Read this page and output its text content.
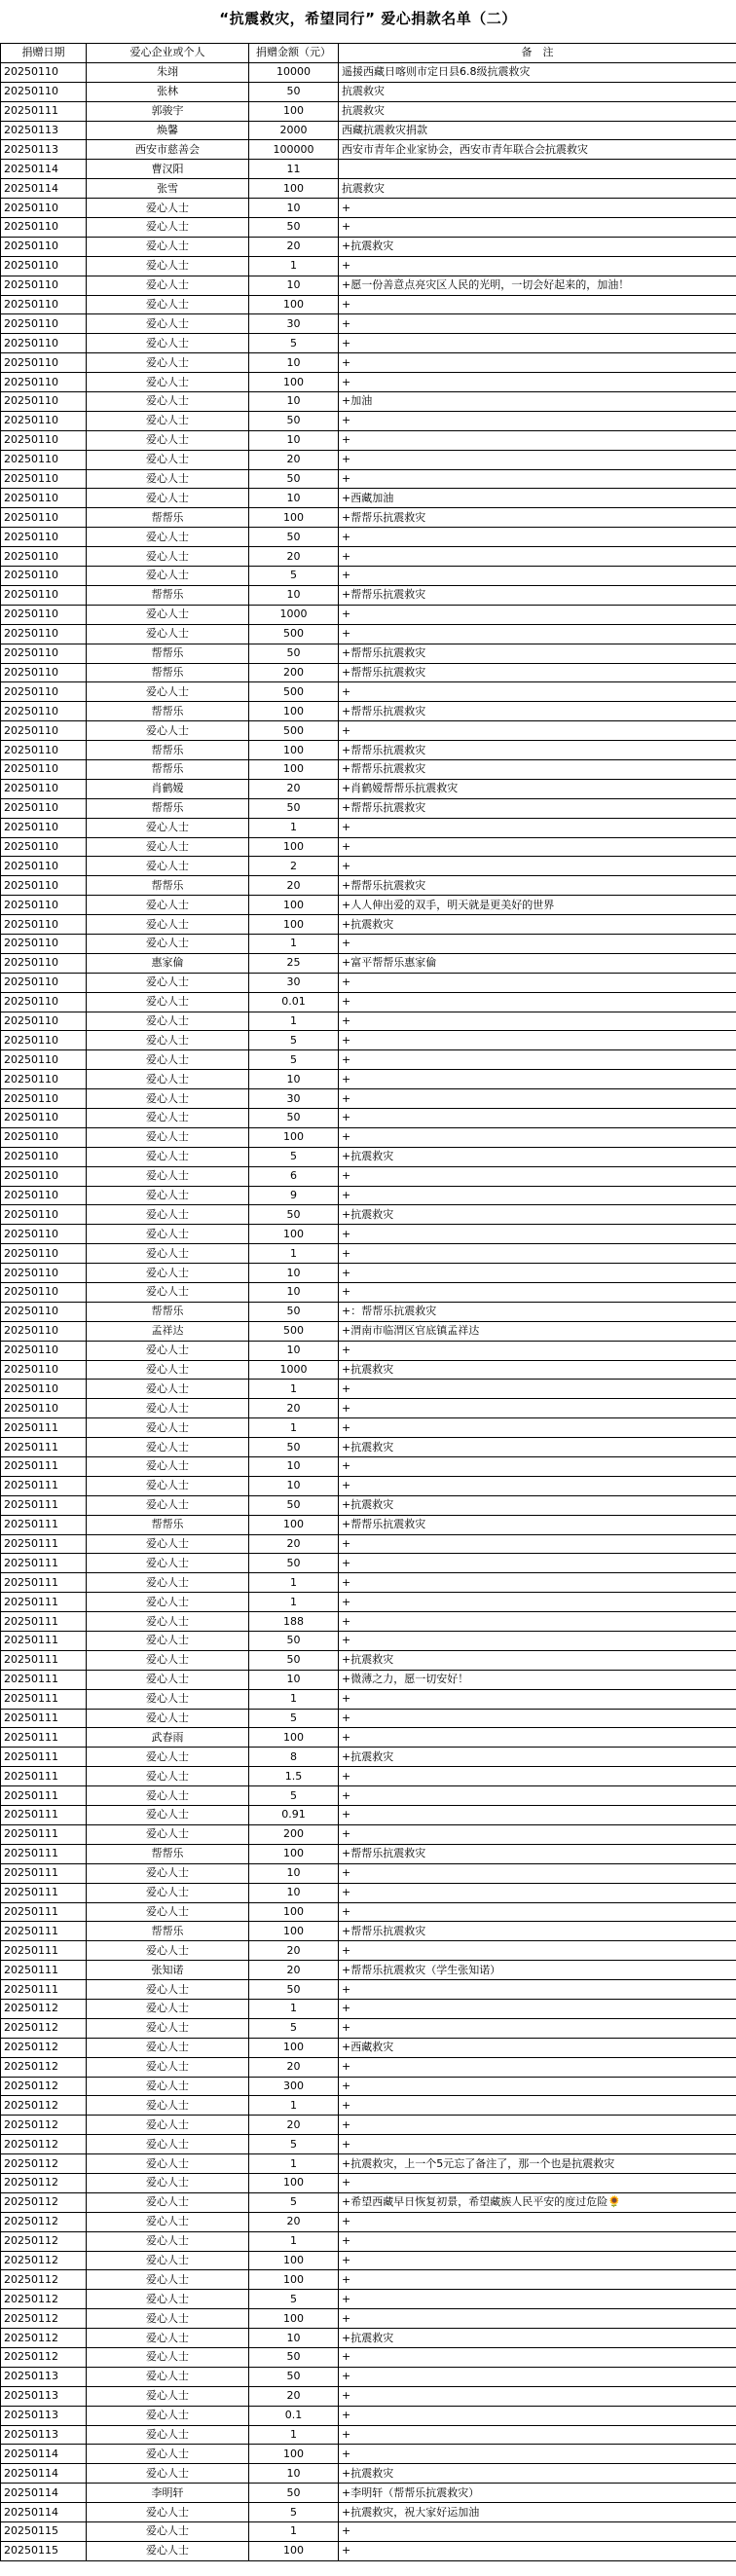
“抗震救灾，希望同行” 爱心捐款名单（二）
捐赠日期	爱心企业或个人	捐赠金额（元）	备　注
20250110	朱翊	10000	遥援西藏日喀则市定日县6.8级抗震救灾
20250110	张林	50	抗震救灾
20250111	郭骏宇	100	抗震救灾
20250113	焕馨	2000	西藏抗震救灾捐款
20250113	西安市慈善会	100000	西安市青年企业家协会，西安市青年联合会抗震救灾
20250114	曹汉阳	11	
20250114	张雪	100	抗震救灾
20250110	爱心人士	10	+
20250110	爱心人士	50	+
20250110	爱心人士	20	+抗震救灾
20250110	爱心人士	1	+
20250110	爱心人士	10	+愿一份善意点亮灾区人民的光明，一切会好起来的，加油！
20250110	爱心人士	100	+
20250110	爱心人士	30	+
20250110	爱心人士	5	+
20250110	爱心人士	10	+
20250110	爱心人士	100	+
20250110	爱心人士	10	+加油
20250110	爱心人士	50	+
20250110	爱心人士	10	+
20250110	爱心人士	20	+
20250110	爱心人士	50	+
20250110	爱心人士	10	+西藏加油
20250110	帮帮乐	100	+帮帮乐抗震救灾
20250110	爱心人士	50	+
20250110	爱心人士	20	+
20250110	爱心人士	5	+
20250110	帮帮乐	10	+帮帮乐抗震救灾
20250110	爱心人士	1000	+
20250110	爱心人士	500	+
20250110	帮帮乐	50	+帮帮乐抗震救灾
20250110	帮帮乐	200	+帮帮乐抗震救灾
20250110	爱心人士	500	+
20250110	帮帮乐	100	+帮帮乐抗震救灾
20250110	爱心人士	500	+
20250110	帮帮乐	100	+帮帮乐抗震救灾
20250110	帮帮乐	100	+帮帮乐抗震救灾
20250110	肖鹤嫒	20	+肖鹤嫒帮帮乐抗震救灾
20250110	帮帮乐	50	+帮帮乐抗震救灾
20250110	爱心人士	1	+
20250110	爱心人士	100	+
20250110	爱心人士	2	+
20250110	帮帮乐	20	+帮帮乐抗震救灾
20250110	爱心人士	100	+人人伸出爱的双手，明天就是更美好的世界
20250110	爱心人士	100	+抗震救灾
20250110	爱心人士	1	+
20250110	惠家倫	25	+富平帮帮乐惠家倫
20250110	爱心人士	30	+
20250110	爱心人士	0.01	+
20250110	爱心人士	1	+
20250110	爱心人士	5	+
20250110	爱心人士	5	+
20250110	爱心人士	10	+
20250110	爱心人士	30	+
20250110	爱心人士	50	+
20250110	爱心人士	100	+
20250110	爱心人士	5	+抗震救灾
20250110	爱心人士	6	+
20250110	爱心人士	9	+
20250110	爱心人士	50	+抗震救灾
20250110	爱心人士	100	+
20250110	爱心人士	1	+
20250110	爱心人士	10	+
20250110	爱心人士	10	+
20250110	帮帮乐	50	+：帮帮乐抗震救灾
20250110	孟祥达	500	+渭南市临渭区官底镇孟祥达
20250110	爱心人士	10	+
20250110	爱心人士	1000	+抗震救灾
20250110	爱心人士	1	+
20250110	爱心人士	20	+
20250111	爱心人士	1	+
20250111	爱心人士	50	+抗震救灾
20250111	爱心人士	10	+
20250111	爱心人士	10	+
20250111	爱心人士	50	+抗震救灾
20250111	帮帮乐	100	+帮帮乐抗震救灾
20250111	爱心人士	20	+
20250111	爱心人士	50	+
20250111	爱心人士	1	+
20250111	爱心人士	1	+
20250111	爱心人士	188	+
20250111	爱心人士	50	+
20250111	爱心人士	50	+抗震救灾
20250111	爱心人士	10	+微薄之力，愿一切安好！
20250111	爱心人士	1	+
20250111	爱心人士	5	+
20250111	武春雨	100	+
20250111	爱心人士	8	+抗震救灾
20250111	爱心人士	1.5	+
20250111	爱心人士	5	+
20250111	爱心人士	0.91	+
20250111	爱心人士	200	+
20250111	帮帮乐	100	+帮帮乐抗震救灾
20250111	爱心人士	10	+
20250111	爱心人士	10	+
20250111	爱心人士	100	+
20250111	帮帮乐	100	+帮帮乐抗震救灾
20250111	爱心人士	20	+
20250111	张知诺	20	+帮帮乐抗震救灾（学生张知诺）
20250111	爱心人士	50	+
20250112	爱心人士	1	+
20250112	爱心人士	5	+
20250112	爱心人士	100	+西藏救灾
20250112	爱心人士	20	+
20250112	爱心人士	300	+
20250112	爱心人士	1	+
20250112	爱心人士	20	+
20250112	爱心人士	5	+
20250112	爱心人士	1	+抗震救灾，上一个5元忘了备注了，那一个也是抗震救灾
20250112	爱心人士	100	+
20250112	爱心人士	5	+希望西藏早日恢复初景，希望藏族人民平安的度过危险🌻
20250112	爱心人士	20	+
20250112	爱心人士	1	+
20250112	爱心人士	100	+
20250112	爱心人士	100	+
20250112	爱心人士	5	+
20250112	爱心人士	100	+
20250112	爱心人士	10	+抗震救灾
20250112	爱心人士	50	+
20250113	爱心人士	50	+
20250113	爱心人士	20	+
20250113	爱心人士	0.1	+
20250113	爱心人士	1	+
20250114	爱心人士	100	+
20250114	爱心人士	10	+抗震救灾
20250114	李明轩	50	+李明轩（帮帮乐抗震救灾）
20250114	爱心人士	5	+抗震救灾，祝大家好运加油
20250115	爱心人士	1	+
20250115	爱心人士	100	+
